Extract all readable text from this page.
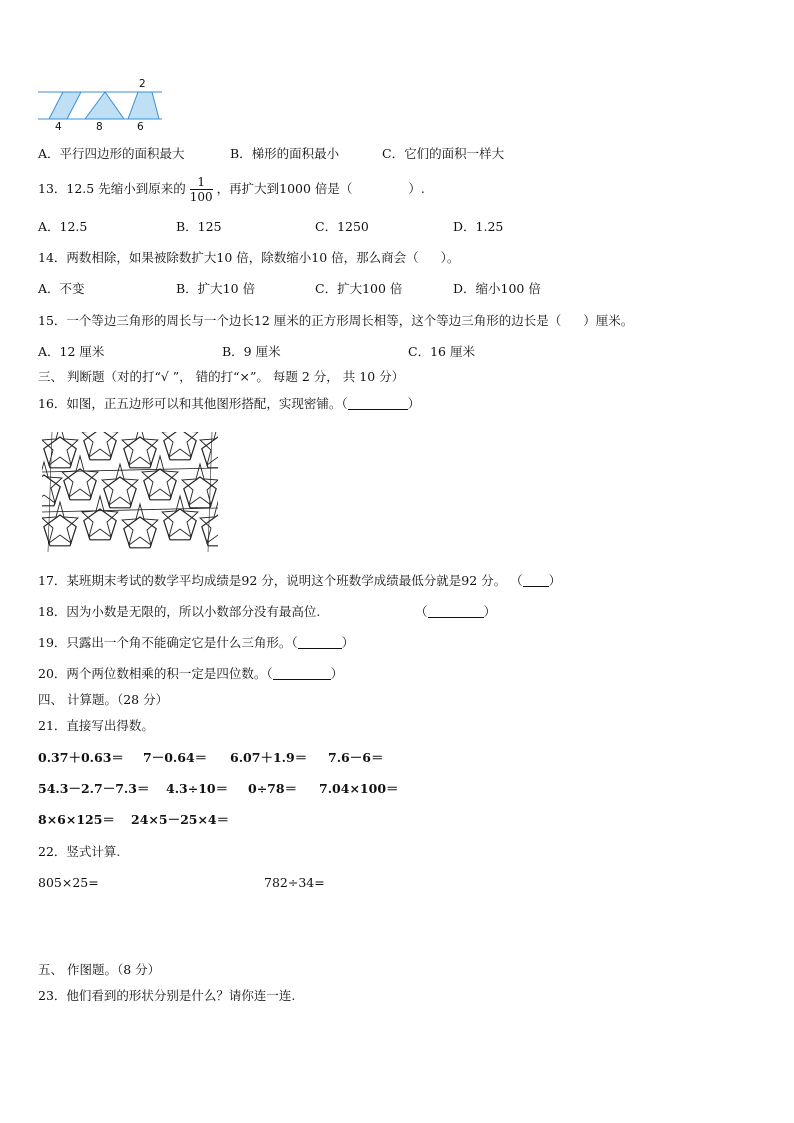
2
4	8	6
A．平行四边形的面积最大	B．梯形的面积最小	C．它们的面积一样大
13．12.5 先缩小到原来的 $\frac{1}{100}$ ，再扩大到1000 倍是（	）.
A．12.5	B．125	C．1250	D．1.25
14．两数相除，如果被除数扩大10 倍，除数缩小10 倍，那么商会（ ）。
A．不变	B．扩大10 倍	C．扩大100 倍	D．缩小100 倍
15．一个等边三角形的周长与一个边长12 厘米的正方形周长相等，这个等边三角形的边长是（ ）厘米。
A．12 厘米	B．9 厘米	C．16 厘米
三、 判断题（对的打“√ ”， 错的打“×”。 每题 2 分， 共 10 分）
16．如图，正五边形可以和其他图形搭配，实现密铺。（	）
17．某班期末考试的数学平均成绩是92 分，说明这个班数学成绩最低分就是92 分。 （ ）
18．因为小数是无限的，所以小数部分没有最高位.	（	）
19．只露出一个角不能确定它是什么三角形。（	）
20．两个两位数相乘的积一定是四位数。（	）
四、 计算题。（28 分）
21．直接写出得数。
0.37＋0.63＝ 7－0.64＝ 6.07＋1.9＝ 7.6－6＝
54.3－2.7－7.3＝ 4.3÷10＝ 0÷78＝ 7.04×100＝
8×6×125＝ 24×5－25×4＝
22．竖式计算.
805×25=	782÷34=
五、 作图题。（8 分）
23．他们看到的形状分别是什么？请你连一连.
